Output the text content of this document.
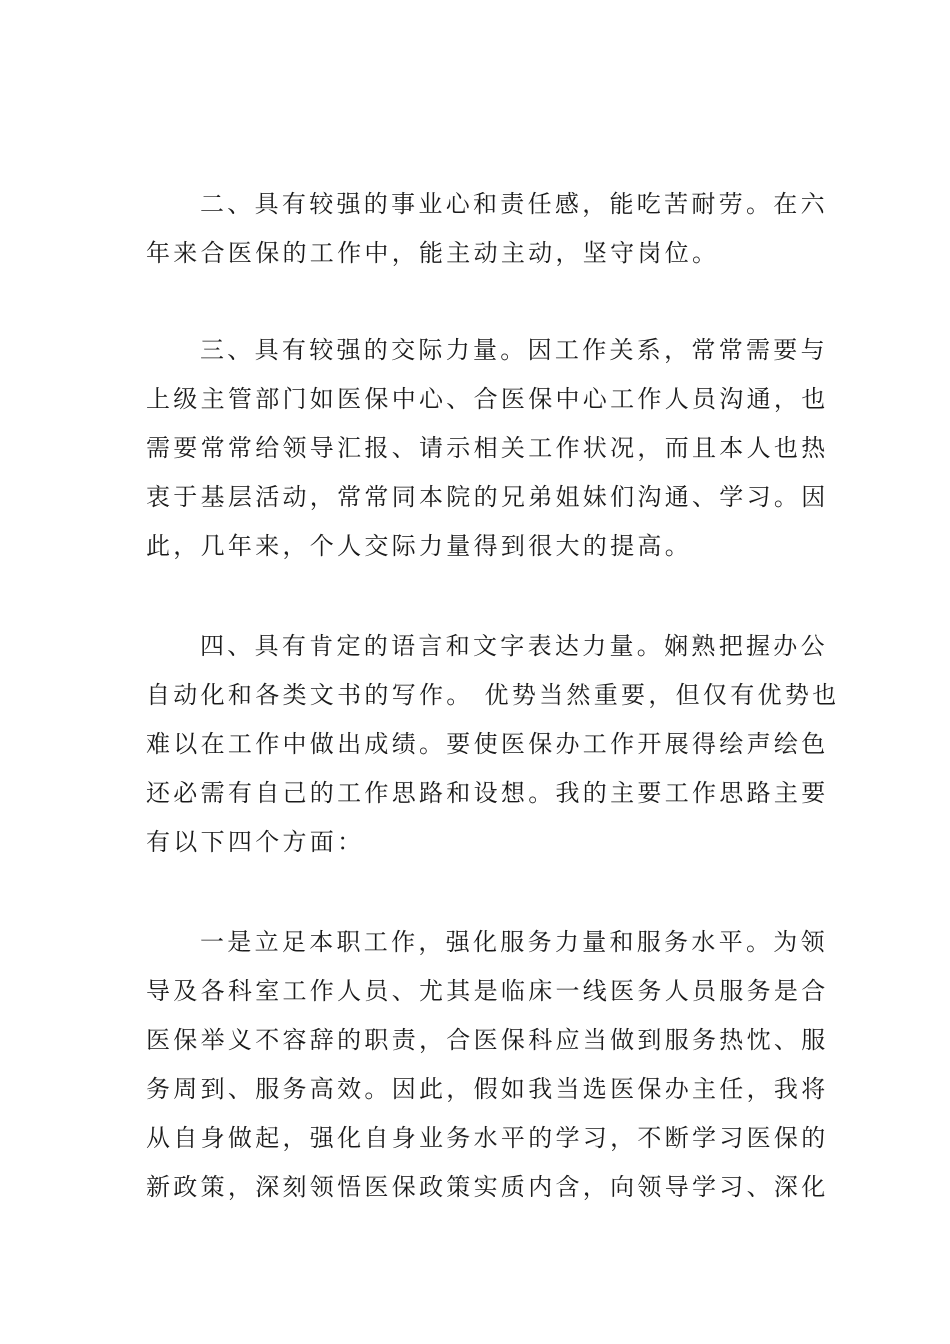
二、具有较强的事业心和责任感，能吃苦耐劳。在六
年来合医保的工作中，能主动主动，坚守岗位。
三、具有较强的交际力量。因工作关系，常常需要与
上级主管部门如医保中心、合医保中心工作人员沟通，也
需要常常给领导汇报、请示相关工作状况，而且本人也热
衷于基层活动，常常同本院的兄弟姐妹们沟通、学习。因
此，几年来，个人交际力量得到很大的提高。
四、具有肯定的语言和文字表达力量。娴熟把握办公
自动化和各类文书的写作。 优势当然重要，但仅有优势也
难以在工作中做出成绩。要使医保办工作开展得绘声绘色
还必需有自己的工作思路和设想。我的主要工作思路主要
有以下四个方面：
一是立足本职工作，强化服务力量和服务水平。为领
导及各科室工作人员、尤其是临床一线医务人员服务是合
医保举义不容辞的职责，合医保科应当做到服务热忱、服
务周到、服务高效。因此，假如我当选医保办主任，我将
从自身做起，强化自身业务水平的学习，不断学习医保的
新政策，深刻领悟医保政策实质内含，向领导学习、深化
